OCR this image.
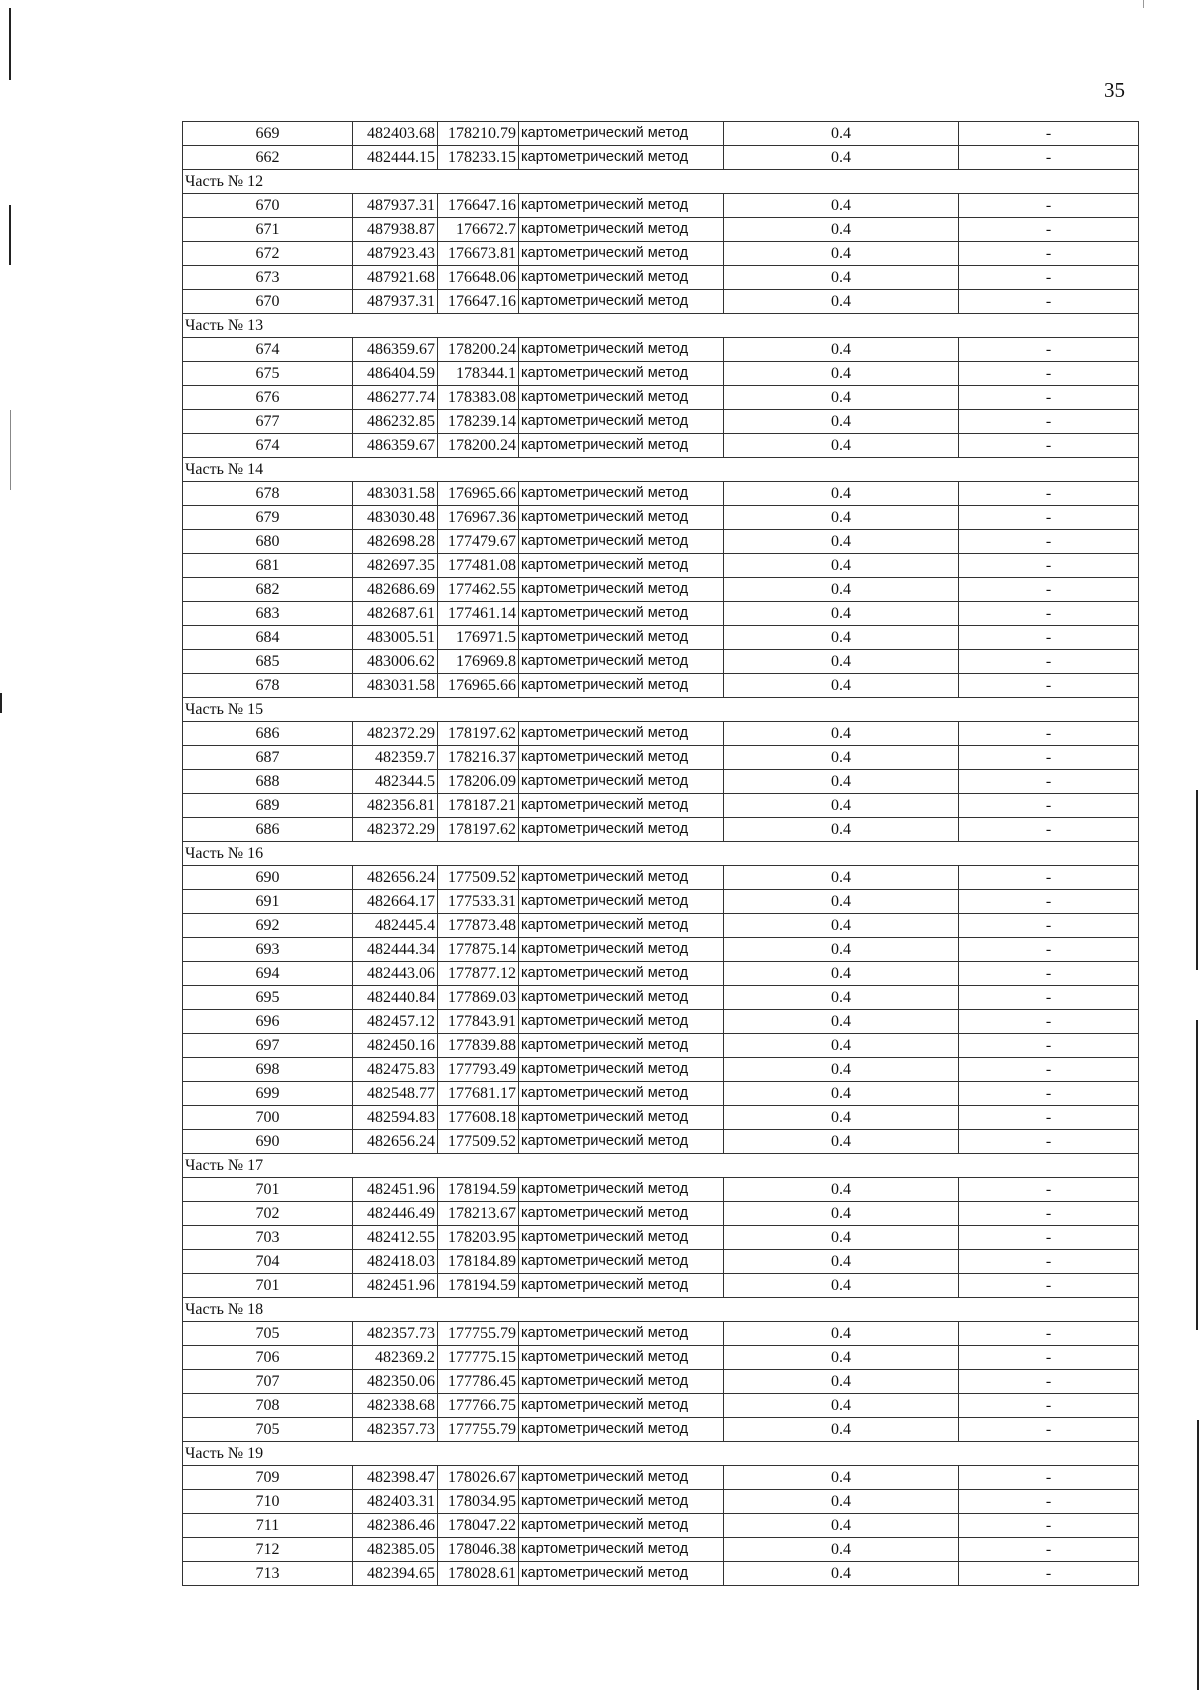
35
669	482403.68	178210.79	картометрический метод	0.4	-
662	482444.15	178233.15	картометрический метод	0.4	-
Часть № 12					
670	487937.31	176647.16	картометрический метод	0.4	-
671	487938.87	176672.7	картометрический метод	0.4	-
672	487923.43	176673.81	картометрический метод	0.4	-
673	487921.68	176648.06	картометрический метод	0.4	-
670	487937.31	176647.16	картометрический метод	0.4	-
Часть № 13					
674	486359.67	178200.24	картометрический метод	0.4	-
675	486404.59	178344.1	картометрический метод	0.4	-
676	486277.74	178383.08	картометрический метод	0.4	-
677	486232.85	178239.14	картометрический метод	0.4	-
674	486359.67	178200.24	картометрический метод	0.4	-
Часть № 14					
678	483031.58	176965.66	картометрический метод	0.4	-
679	483030.48	176967.36	картометрический метод	0.4	-
680	482698.28	177479.67	картометрический метод	0.4	-
681	482697.35	177481.08	картометрический метод	0.4	-
682	482686.69	177462.55	картометрический метод	0.4	-
683	482687.61	177461.14	картометрический метод	0.4	-
684	483005.51	176971.5	картометрический метод	0.4	-
685	483006.62	176969.8	картометрический метод	0.4	-
678	483031.58	176965.66	картометрический метод	0.4	-
Часть № 15					
686	482372.29	178197.62	картометрический метод	0.4	-
687	482359.7	178216.37	картометрический метод	0.4	-
688	482344.5	178206.09	картометрический метод	0.4	-
689	482356.81	178187.21	картометрический метод	0.4	-
686	482372.29	178197.62	картометрический метод	0.4	-
Часть № 16					
690	482656.24	177509.52	картометрический метод	0.4	-
691	482664.17	177533.31	картометрический метод	0.4	-
692	482445.4	177873.48	картометрический метод	0.4	-
693	482444.34	177875.14	картометрический метод	0.4	-
694	482443.06	177877.12	картометрический метод	0.4	-
695	482440.84	177869.03	картометрический метод	0.4	-
696	482457.12	177843.91	картометрический метод	0.4	-
697	482450.16	177839.88	картометрический метод	0.4	-
698	482475.83	177793.49	картометрический метод	0.4	-
699	482548.77	177681.17	картометрический метод	0.4	-
700	482594.83	177608.18	картометрический метод	0.4	-
690	482656.24	177509.52	картометрический метод	0.4	-
Часть № 17					
701	482451.96	178194.59	картометрический метод	0.4	-
702	482446.49	178213.67	картометрический метод	0.4	-
703	482412.55	178203.95	картометрический метод	0.4	-
704	482418.03	178184.89	картометрический метод	0.4	-
701	482451.96	178194.59	картометрический метод	0.4	-
Часть № 18					
705	482357.73	177755.79	картометрический метод	0.4	-
706	482369.2	177775.15	картометрический метод	0.4	-
707	482350.06	177786.45	картометрический метод	0.4	-
708	482338.68	177766.75	картометрический метод	0.4	-
705	482357.73	177755.79	картометрический метод	0.4	-
Часть № 19					
709	482398.47	178026.67	картометрический метод	0.4	-
710	482403.31	178034.95	картометрический метод	0.4	-
711	482386.46	178047.22	картометрический метод	0.4	-
712	482385.05	178046.38	картометрический метод	0.4	-
713	482394.65	178028.61	картометрический метод	0.4	-
